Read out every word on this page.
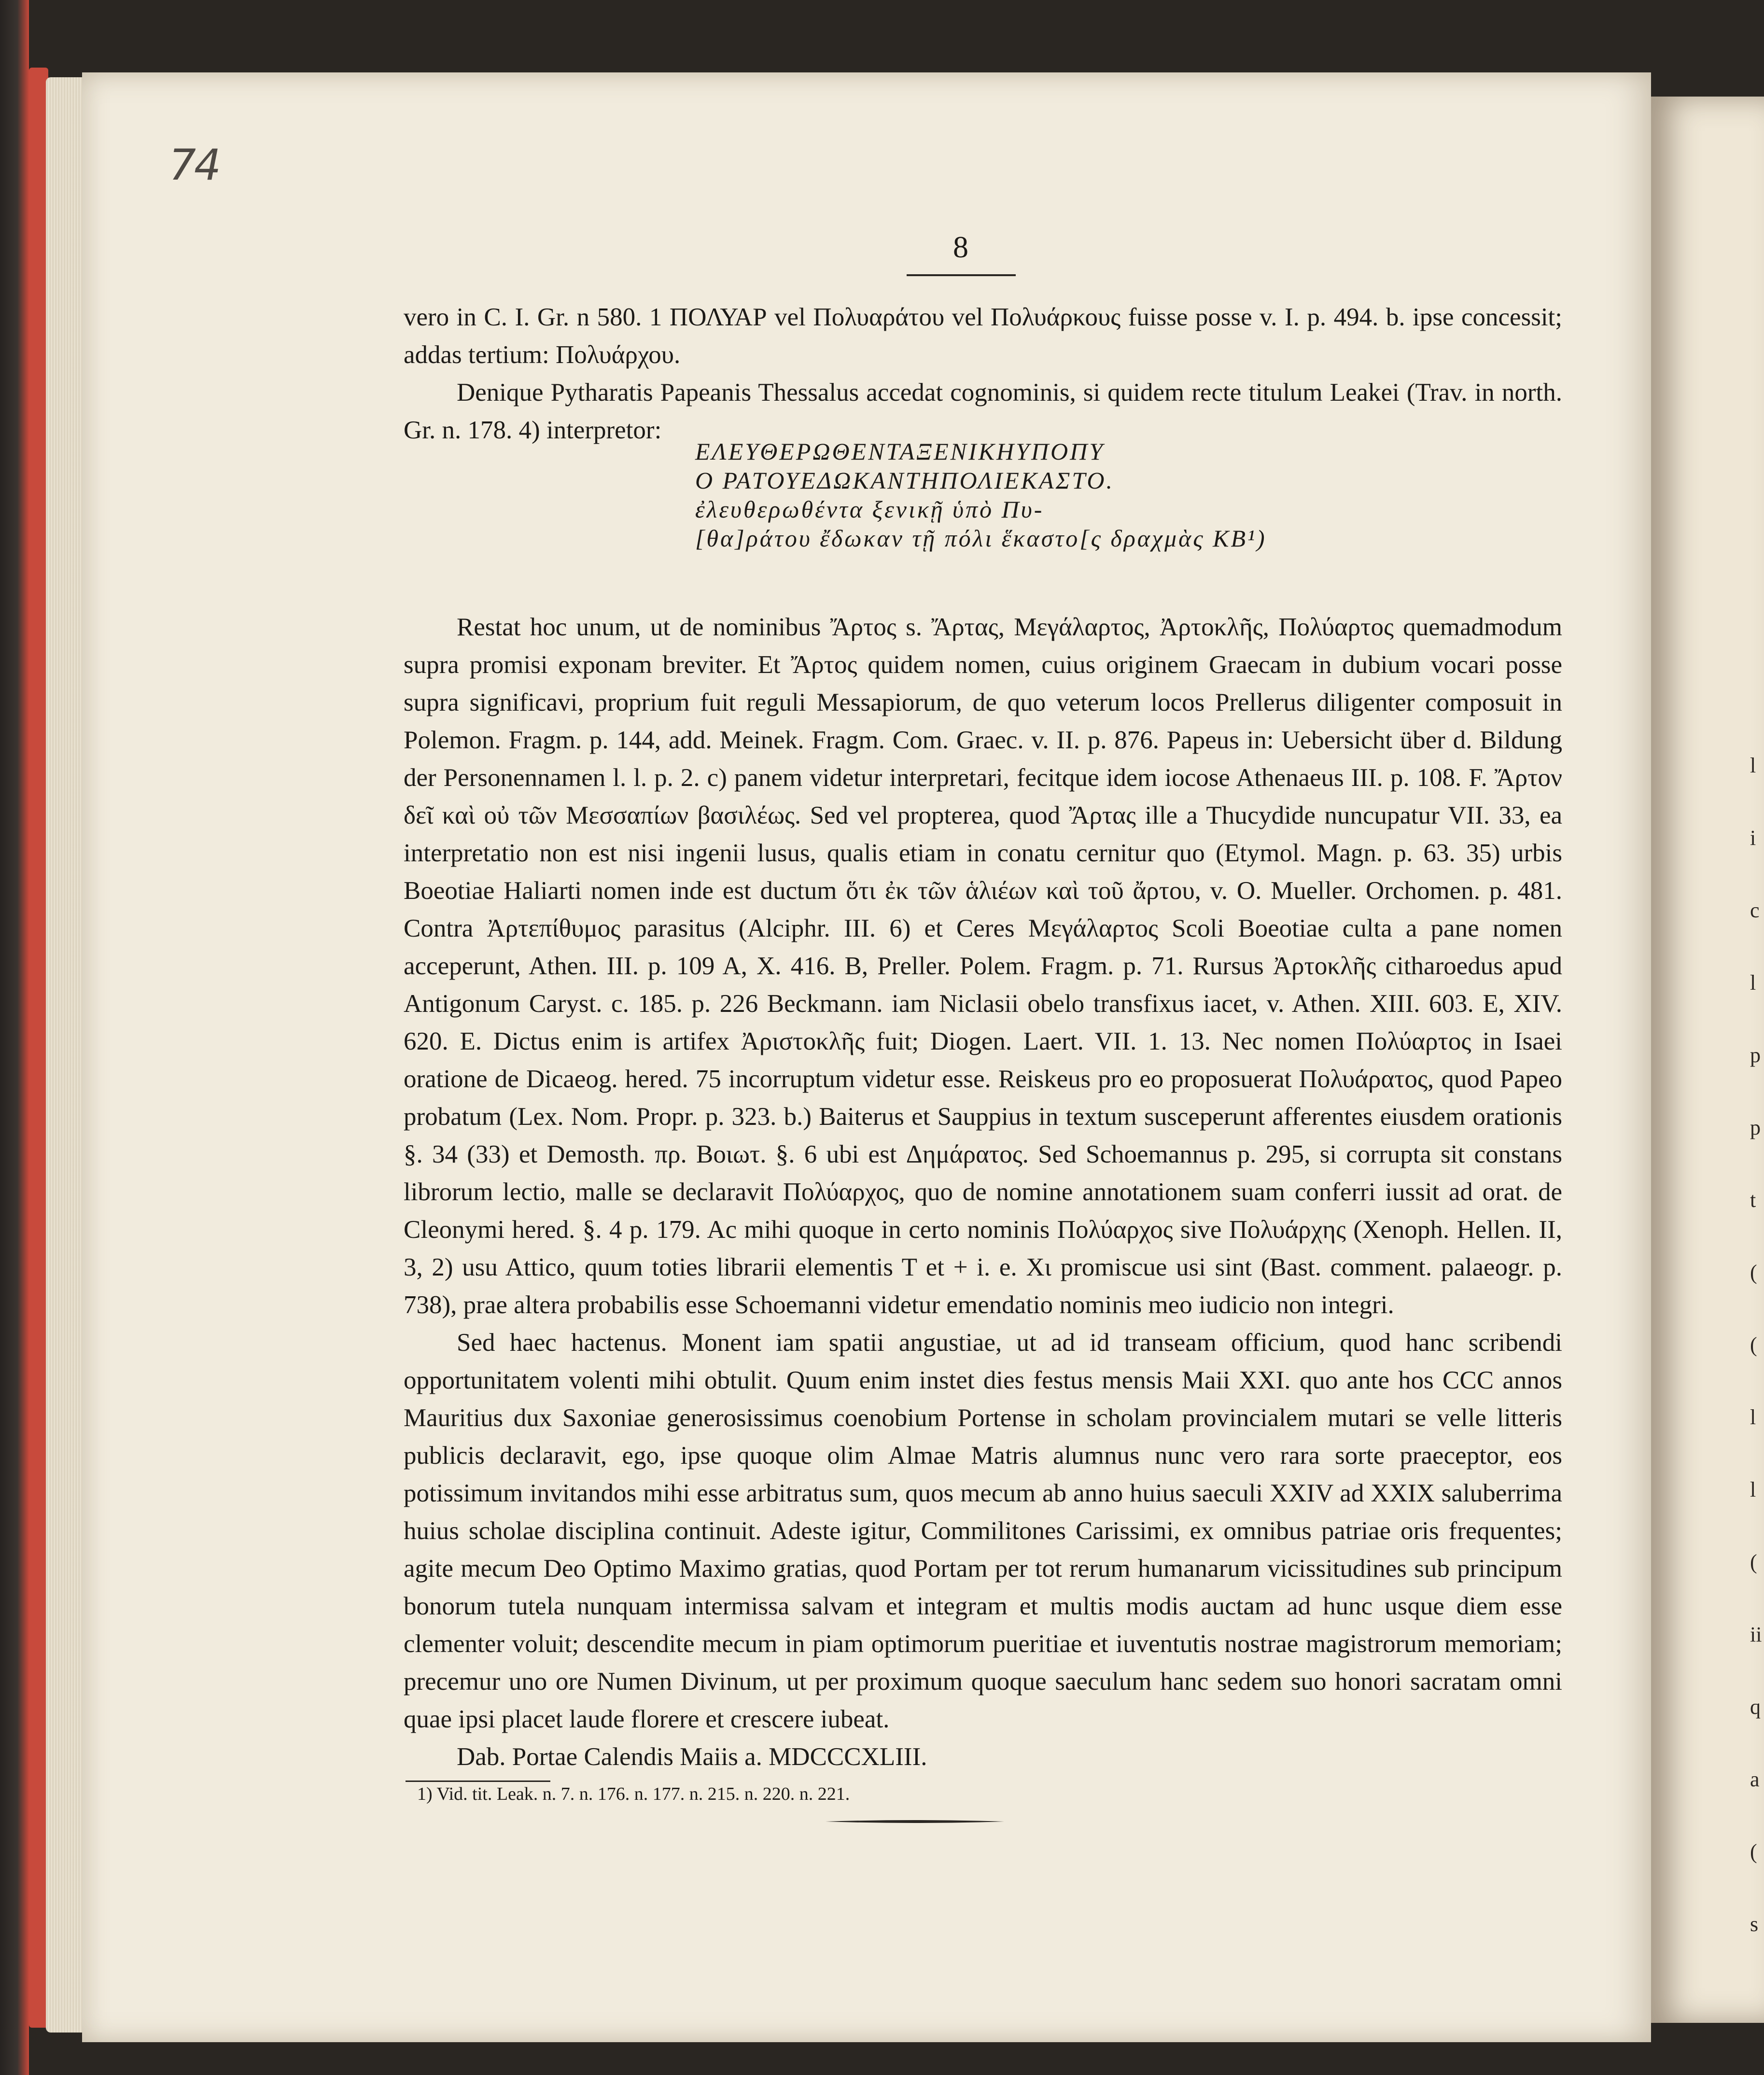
74
8

vero in C. I. Gr. n 580. 1 ΠΟΛΥΑΡ vel Πολυαράτου vel Πολυάρκους fuisse posse v. I. p. 494. b. ipse concessit; addas tertium: Πολυάρχου.

Denique Pytharatis Papeanis Thessalus accedat cognominis, si quidem recte titulum Leakei (Trav. in north. Gr. n. 178. 4) interpretor:

Restat hoc unum, ut de nominibus Ἄρτος s. Ἄρτας, Μεγάλαρτος, Ἀρτοκλῆς, Πολύαρτος quemadmodum supra promisi exponam breviter. Et Ἄρτος quidem nomen, cuius originem Graecam in dubium vocari posse supra significavi, proprium fuit reguli Messapiorum, de quo veterum locos Prellerus diligenter composuit in Polemon. Fragm. p. 144, add. Meinek. Fragm. Com. Graec. v. II. p. 876. Papeus in: Uebersicht über d. Bildung der Personennamen l. l. p. 2. c) panem videtur interpretari, fecitque idem iocose Athenaeus III. p. 108. F. Ἄρτον δεῖ καὶ οὐ τῶν Μεσσαπίων βασιλέως. Sed vel propterea, quod Ἄρτας ille a Thucydide nuncupatur VII. 33, ea interpretatio non est nisi ingenii lusus, qualis etiam in conatu cernitur quo (Etymol. Magn. p. 63. 35) urbis Boeotiae Haliarti nomen inde est ductum ὅτι ἐκ τῶν ἁλιέων καὶ τοῦ ἄρτου, v. O. Mueller. Orchomen. p. 481. Contra Ἀρτεπίθυμος parasitus (Alciphr. III. 6) et Ceres Μεγάλαρτος Scoli Boeotiae culta a pane nomen acceperunt, Athen. III. p. 109 A, X. 416. B, Preller. Polem. Fragm. p. 71. Rursus Ἀρτοκλῆς citharoedus apud Antigonum Caryst. c. 185. p. 226 Beckmann. iam Niclasii obelo transfixus iacet, v. Athen. XIII. 603. E, XIV. 620. E. Dictus enim is artifex Ἀριστοκλῆς fuit; Diogen. Laert. VII. 1. 13. Nec nomen Πολύαρτος in Isaei oratione de Dicaeog. hered. 75 incorruptum videtur esse. Reiskeus pro eo proposuerat Πολυάρατος, quod Papeo probatum (Lex. Nom. Propr. p. 323. b.) Baiterus et Sauppius in textum susceperunt afferentes eiusdem orationis §. 34 (33) et Demosth. πρ. Βοιωτ. §. 6 ubi est Δημάρατος. Sed Schoemannus p. 295, si corrupta sit constans librorum lectio, malle se declaravit Πολύαρχος, quo de nomine annotationem suam conferri iussit ad orat. de Cleonymi hered. §. 4 p. 179. Ac mihi quoque in certo nominis Πολύαρχος sive Πολυάρχης (Xenoph. Hellen. II, 3, 2) usu Attico, quum toties librarii elementis T et + i. e. Xι promiscue usi sint (Bast. comment. palaeogr. p. 738), prae altera probabilis esse Schoemanni videtur emendatio nominis meo iudicio non integri.

Sed haec hactenus. Monent iam spatii angustiae, ut ad id transeam officium, quod hanc scribendi opportunitatem volenti mihi obtulit. Quum enim instet dies festus mensis Maii XXI. quo ante hos CCC annos Mauritius dux Saxoniae generosissimus coenobium Portense in scholam provincialem mutari se velle litteris publicis declaravit, ego, ipse quoque olim Almae Matris alumnus nunc vero rara sorte praeceptor, eos potissimum invitandos mihi esse arbitratus sum, quos mecum ab anno huius saeculi XXIV ad XXIX saluberrima huius scholae disciplina continuit. Adeste igitur, Commilitones Carissimi, ex omnibus patriae oris frequentes; agite mecum Deo Optimo Maximo gratias, quod Portam per tot rerum humanarum vicissitudines sub principum bonorum tutela nunquam intermissa salvam et integram et multis modis auctam ad hunc usque diem esse clementer voluit; descendite mecum in piam optimorum pueritiae et iuventutis nostrae magistrorum memoriam; precemur uno ore Numen Divinum, ut per proximum quoque saeculum hanc sedem suo honori sacratam omni quae ipsi placet laude florere et crescere iubeat.

Dab. Portae Calendis Maiis a. MDCCCXLIII.

ΕΛΕΥΘΕΡΩΘΕΝΤΑΞΕΝΙΚΗΥΠΟΠΥ
Ο ΡΑΤΟΥΕΔΩΚΑΝΤΗΠΟΛΙΕΚΑΣΤΟ.
ἐλευθερωθέντα ξενικῇ ὑπὸ Πυ-
[θα]ράτου ἔδωκαν τῇ πόλι ἕκαστο[ς δραχμὰς ΚΒ¹)
1) Vid. tit. Leak. n. 7. n. 176. n. 177. n. 215. n. 220. n. 221.
l
i
c
l
p
p
t
(
(
l
l
(
ii
q
a
(
s
